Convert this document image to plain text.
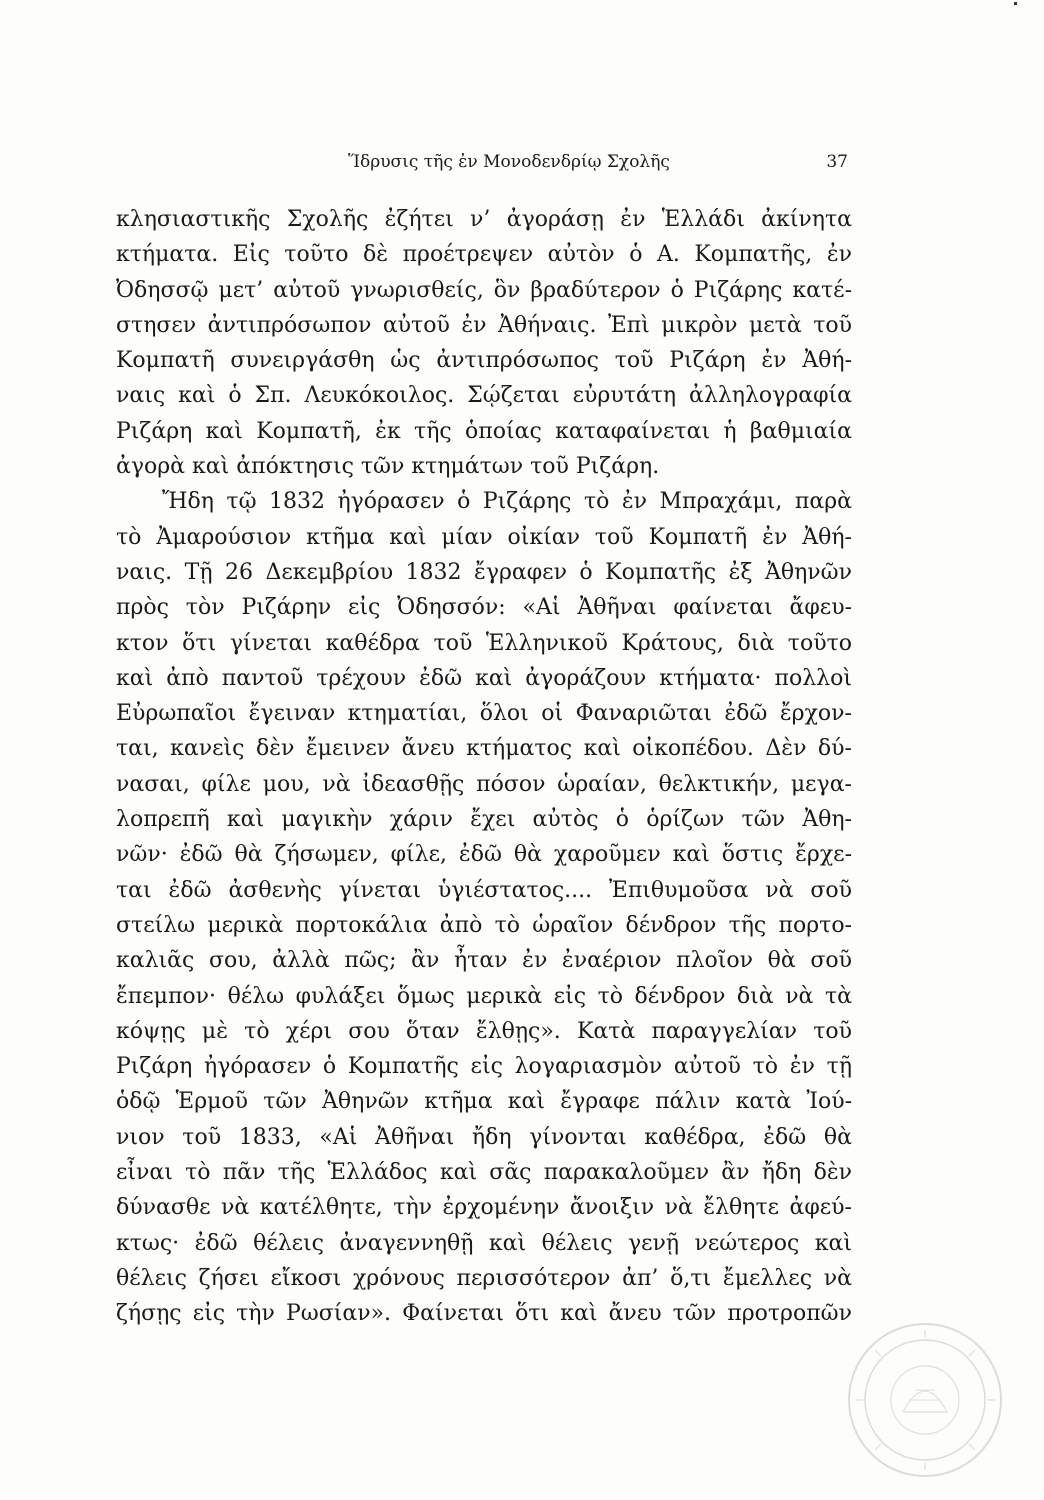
Ἵδρυσις τῆς ἐν Μονοδενδρίῳ Σχολῆς	37
κλησιαστικῆς Σχολῆς ἐζήτει ν’ ἀγοράσῃ ἐν Ἑλλάδι ἀκίνητα
κτήματα. Εἰς τοῦτο δὲ προέτρεψεν αὐτὸν ὁ Α. Κομπατῆς, ἐν
Ὀδησσῷ μετ’ αὐτοῦ γνωρισθείς, ὃν βραδύτερον ὁ Ριζάρης κατέ-
στησεν ἀντιπρόσωπον αὐτοῦ ἐν Ἀθήναις. Ἐπὶ μικρὸν μετὰ τοῦ
Κομπατῆ συνειργάσθη ὡς ἀντιπρόσωπος τοῦ Ριζάρη ἐν Ἀθή-
ναις καὶ ὁ Σπ. Λευκόκοιλος. Σῴζεται εὐρυτάτη ἀλληλογραφία
Ριζάρη καὶ Κομπατῆ, ἐκ τῆς ὁποίας καταφαίνεται ἡ βαθμιαία
ἀγορὰ καὶ ἀπόκτησις τῶν κτημάτων τοῦ Ριζάρη.
Ἤδη τῷ 1832 ἠγόρασεν ὁ Ριζάρης τὸ ἐν Μπραχάμι, παρὰ
τὸ Ἀμαρούσιον κτῆμα καὶ μίαν οἰκίαν τοῦ Κομπατῆ ἐν Ἀθή-
ναις. Τῇ 26 Δεκεμβρίου 1832 ἔγραφεν ὁ Κομπατῆς ἐξ Ἀθηνῶν
πρὸς τὸν Ριζάρην εἰς Ὀδησσόν: «Αἱ Ἀθῆναι φαίνεται ἄφευ-
κτον ὅτι γίνεται καθέδρα τοῦ Ἑλληνικοῦ Κράτους, διὰ τοῦτο
καὶ ἀπὸ παντοῦ τρέχουν ἐδῶ καὶ ἀγοράζουν κτήματα· πολλοὶ
Εὐρωπαῖοι ἔγειναν κτηματίαι, ὅλοι οἱ Φαναριῶται ἐδῶ ἔρχον-
ται, κανεὶς δὲν ἔμεινεν ἄνευ κτήματος καὶ οἰκοπέδου. Δὲν δύ-
νασαι, φίλε μου, νὰ ἰδεασθῇς πόσον ὡραίαν, θελκτικήν, μεγα-
λοπρεπῆ καὶ μαγικὴν χάριν ἔχει αὐτὸς ὁ ὁρίζων τῶν Ἀθη-
νῶν· ἐδῶ θὰ ζήσωμεν, φίλε, ἐδῶ θὰ χαροῦμεν καὶ ὅστις ἔρχε-
ται ἐδῶ ἀσθενὴς γίνεται ὑγιέστατος.... Ἐπιθυμοῦσα νὰ σοῦ
στείλω μερικὰ πορτοκάλια ἀπὸ τὸ ὡραῖον δένδρον τῆς πορτο-
καλιᾶς σου, ἀλλὰ πῶς; ἂν ἦταν ἐν ἐναέριον πλοῖον θὰ σοῦ
ἔπεμπον· θέλω φυλάξει ὅμως μερικὰ εἰς τὸ δένδρον διὰ νὰ τὰ
κόψῃς μὲ τὸ χέρι σου ὅταν ἔλθῃς». Κατὰ παραγγελίαν τοῦ
Ριζάρη ἠγόρασεν ὁ Κομπατῆς εἰς λογαριασμὸν αὐτοῦ τὸ ἐν τῇ
ὁδῷ Ἑρμοῦ τῶν Ἀθηνῶν κτῆμα καὶ ἔγραφε πάλιν κατὰ Ἰού-
νιον τοῦ 1833, «Αἱ Ἀθῆναι ἤδη γίνονται καθέδρα, ἐδῶ θὰ
εἶναι τὸ πᾶν τῆς Ἑλλάδος καὶ σᾶς παρακαλοῦμεν ἂν ἤδη δὲν
δύνασθε νὰ κατέλθητε, τὴν ἐρχομένην ἄνοιξιν νὰ ἔλθητε ἀφεύ-
κτως· ἐδῶ θέλεις ἀναγεννηθῇ καὶ θέλεις γενῇ νεώτερος καὶ
θέλεις ζήσει εἴκοσι χρόνους περισσότερον ἀπ’ ὅ,τι ἔμελλες νὰ
ζήσῃς εἰς τὴν Ρωσίαν». Φαίνεται ὅτι καὶ ἄνευ τῶν προτροπῶν
